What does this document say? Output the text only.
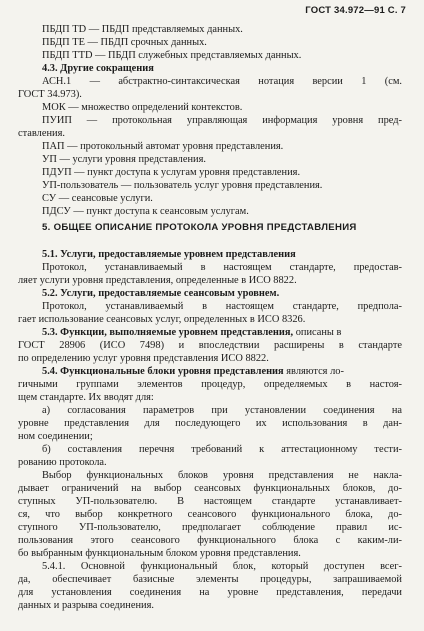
ГОСТ 34.972—91 С. 7
ПБДП TD — ПБДП представляемых данных.
ПБДП TE — ПБДП срочных данных.
ПБДП TTD — ПБДП служебных представляемых данных.
4.3. Другие сокращения
АСН.1 — абстрактно-синтаксическая нотация версии 1 (см.
ГОСТ 34.973).
МОК — множество определений контекстов.
ПУИП — протокольная управляющая информация уровня пред-
ставления.
ПАП — протокольный автомат уровня представления.
УП — услуги уровня представления.
ПДУП — пункт доступа к услугам уровня представления.
УП-пользователь — пользователь услуг уровня представления.
СУ — сеансовые услуги.
ПДСУ — пункт доступа к сеансовым услугам.
5. ОБЩЕЕ ОПИСАНИЕ ПРОТОКОЛА УРОВНЯ ПРЕДСТАВЛЕНИЯ
5.1. Услуги, предоставляемые уровнем представления
Протокол, устанавливаемый в настоящем стандарте, предостав-
ляет услуги уровня представления, определенные в ИСО 8822.
5.2. Услуги, предоставляемые сеансовым уровнем.
Протокол, устанавливаемый в настоящем стандарте, предпола-
гает использование сеансовых услуг, определенных в ИСО 8326.
5.3. Функции, выполняемые уровнем представления, описаны в
ГОСТ 28906 (ИСО 7498) и впоследствии расширены в стандарте
по определению услуг уровня представления ИСО 8822.
5.4. Функциональные блоки уровня представления являются ло-
гичными группами элементов процедур, определяемых в настоя-
щем стандарте. Их вводят для:
а) согласования параметров при установлении соединения на
уровне представления для последующего их использования в дан-
ном соединении;
б) составления перечня требований к аттестационному тести-
рованию протокола.
Выбор функциональных блоков уровня представления не накла-
дывает ограничений на выбор сеансовых функциональных блоков, до-
ступных УП-пользователю. В настоящем стандарте устанавливает-
ся, что выбор конкретного сеансового функционального блока, до-
ступного УП-пользователю, предполагает соблюдение правил ис-
пользования этого сеансового функционального блока с каким-ли-
бо выбранным функциональным блоком уровня представления.
5.4.1. Основной функциональный блок, который доступен всег-
да, обеспечивает базисные элементы процедуры, запрашиваемой
для установления соединения на уровне представления, передачи
данных и разрыва соединения.
